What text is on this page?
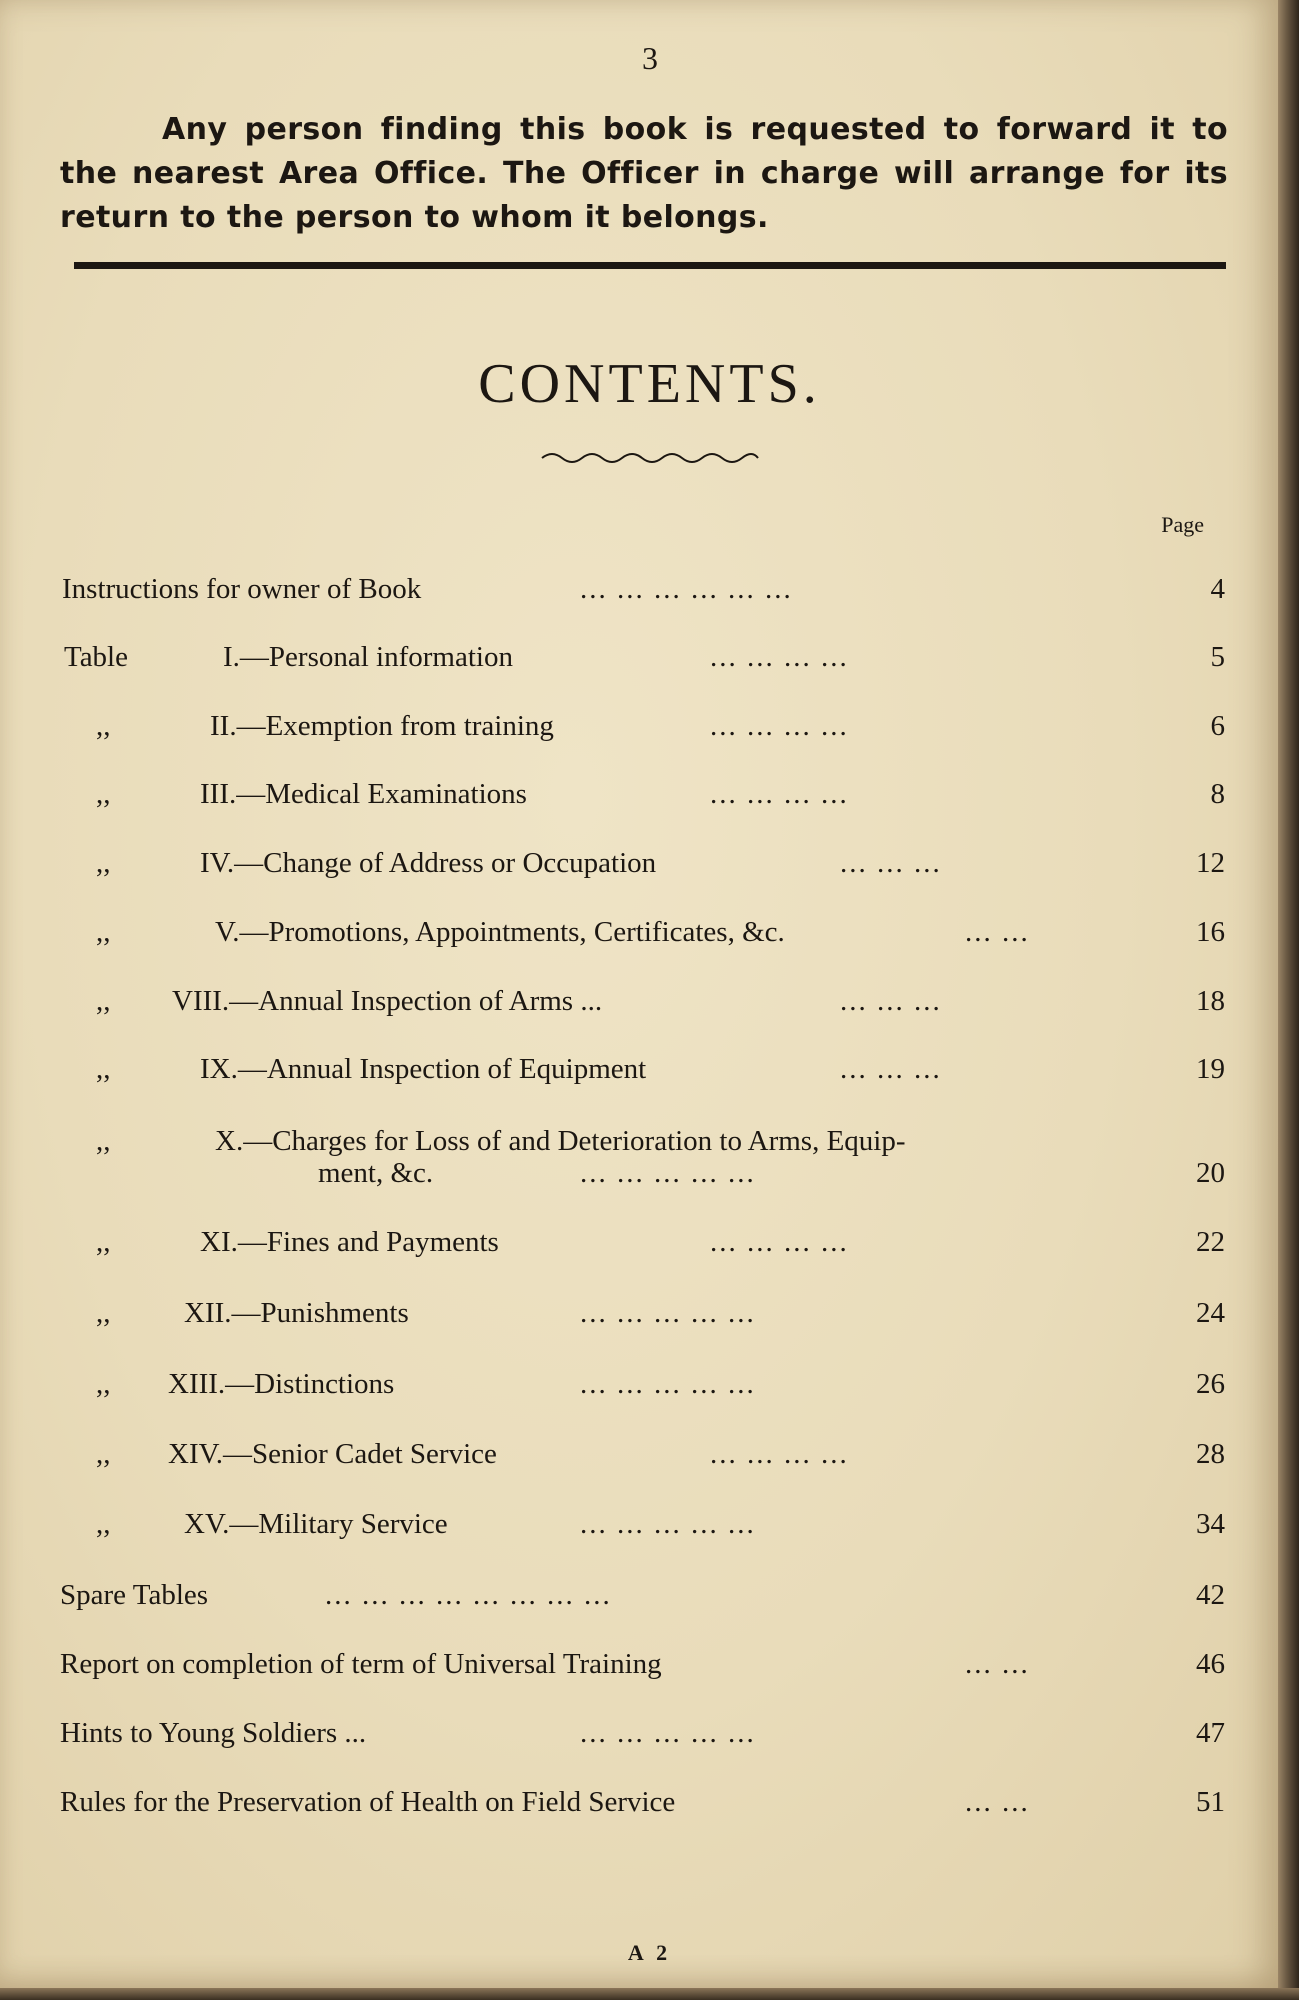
3

Any person finding this book is requested to forward it to the nearest Area Office. The Officer in charge will arrange for its return to the person to whom it belongs.

CONTENTS.
Page
Instructions for owner of Book	... ... ... ... ... ...	4
Table	I.—Personal information	... ... ... ...	5
,,	II.—Exemption from training	... ... ... ...	6
,,	III.—Medical Examinations	... ... ... ...	8
,,	IV.—Change of Address or Occupation	... ... ...	12
,,	V.—Promotions, Appointments, Certificates, &c.	... ...	16
,, VIII.—Annual Inspection of Arms ...	... ... ...	18
,,	IX.—Annual Inspection of Equipment	... ... ...	19
,,	X.—Charges for Loss of and Deterioration to Arms, Equip-
ment, &c.	... ... ... ... ...	20
,,	XI.—Fines and Payments	... ... ... ...	22
,,	XII.—Punishments	... ... ... ... ...	24
,, XIII.—Distinctions	... ... ... ... ...	26
,, XIV.—Senior Cadet Service	... ... ... ...	28
,,	XV.—Military Service	... ... ... ... ...	34
Spare Tables	... ... ... ... ... ... ... ...	42
Report on completion of term of Universal Training	... ...	46
Hints to Young Soldiers ...	... ... ... ... ...	47
Rules for the Preservation of Health on Field Service	... ...	51
A 2
